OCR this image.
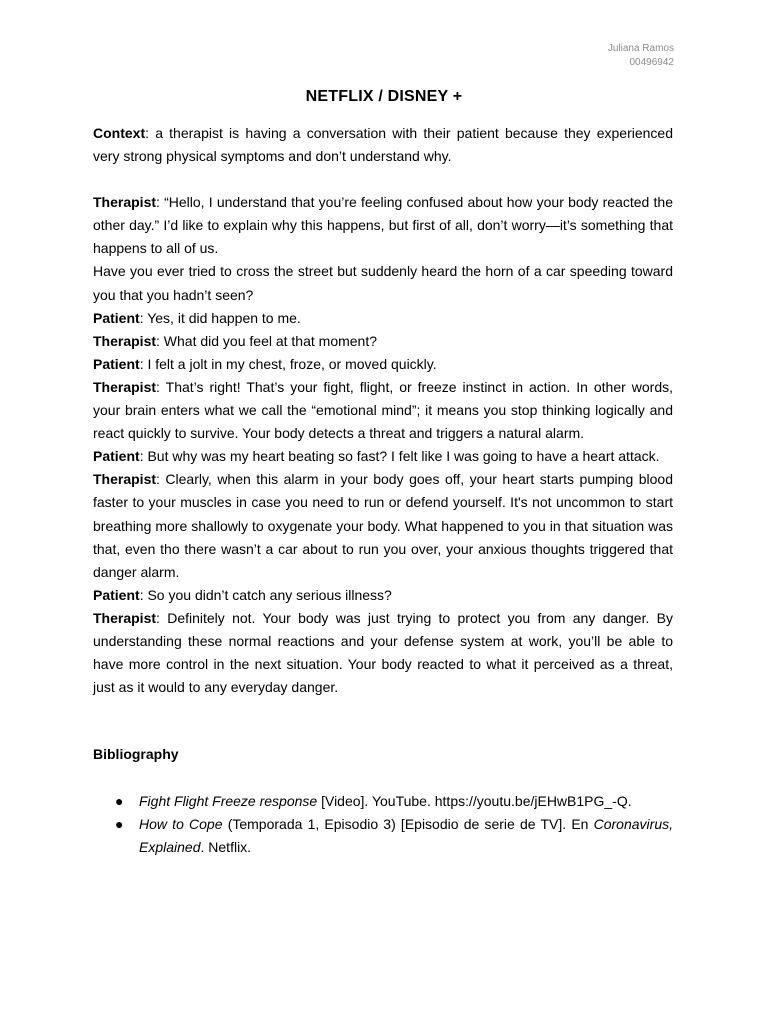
Juliana Ramos
00496942
NETFLIX / DISNEY +

Context: a therapist is having a conversation with their patient because they experienced very strong physical symptoms and don’t understand why.

Therapist: “Hello, I understand that you’re feeling confused about how your body reacted the other day.” I’d like to explain why this happens, but first of all, don’t worry—it’s something that happens to all of us.

Have you ever tried to cross the street but suddenly heard the horn of a car speeding toward you that you hadn’t seen?

Patient: Yes, it did happen to me.

Therapist: What did you feel at that moment?

Patient: I felt a jolt in my chest, froze, or moved quickly.

Therapist: That’s right! That’s your fight, flight, or freeze instinct in action. In other words, your brain enters what we call the “emotional mind”; it means you stop thinking logically and react quickly to survive. Your body detects a threat and triggers a natural alarm.

Patient: But why was my heart beating so fast? I felt like I was going to have a heart attack.

Therapist: Clearly, when this alarm in your body goes off, your heart starts pumping blood faster to your muscles in case you need to run or defend yourself. It's not uncommon to start breathing more shallowly to oxygenate your body. What happened to you in that situation was that, even tho there wasn’t a car about to run you over, your anxious thoughts triggered that danger alarm.

Patient: So you didn’t catch any serious illness?

Therapist: Definitely not. Your body was just trying to protect you from any danger. By understanding these normal reactions and your defense system at work, you’ll be able to have more control in the next situation. Your body reacted to what it perceived as a threat, just as it would to any everyday danger.

Bibliography
● Fight Flight Freeze response [Video]. YouTube. https://youtu.be/jEHwB1PG_-Q.
● How to Cope (Temporada 1, Episodio 3) [Episodio de serie de TV]. En Coronavirus, Explained. Netflix.
